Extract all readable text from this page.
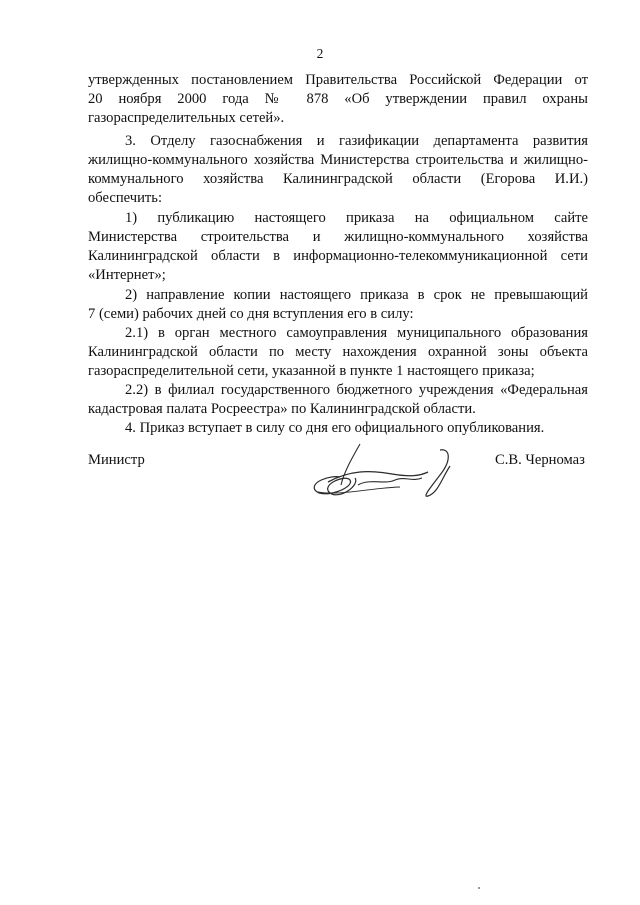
2
утвержденных постановлением Правительства Российской Федерации от
20 ноября 2000 года № 878 «Об утверждении правил охраны
газораспределительных сетей».
3. Отделу газоснабжения и газификации департамента развития
жилищно-коммунального хозяйства Министерства строительства и жилищно-
коммунального хозяйства Калининградской области (Егорова И.И.)
обеспечить:
1) публикацию настоящего приказа на официальном сайте
Министерства строительства и жилищно-коммунального хозяйства
Калининградской области в информационно-телекоммуникационной сети
«Интернет»;
2) направление копии настоящего приказа в срок не превышающий
7 (семи) рабочих дней со дня вступления его в силу:
2.1) в орган местного самоуправления муниципального образования
Калининградской области по месту нахождения охранной зоны объекта
газораспределительной сети, указанной в пункте 1 настоящего приказа;
2.2) в филиал государственного бюджетного учреждения «Федеральная
кадастровая палата Росреестра» по Калининградской области.
4. Приказ вступает в силу со дня его официального опубликования.
Министр	С.В. Черномаз
